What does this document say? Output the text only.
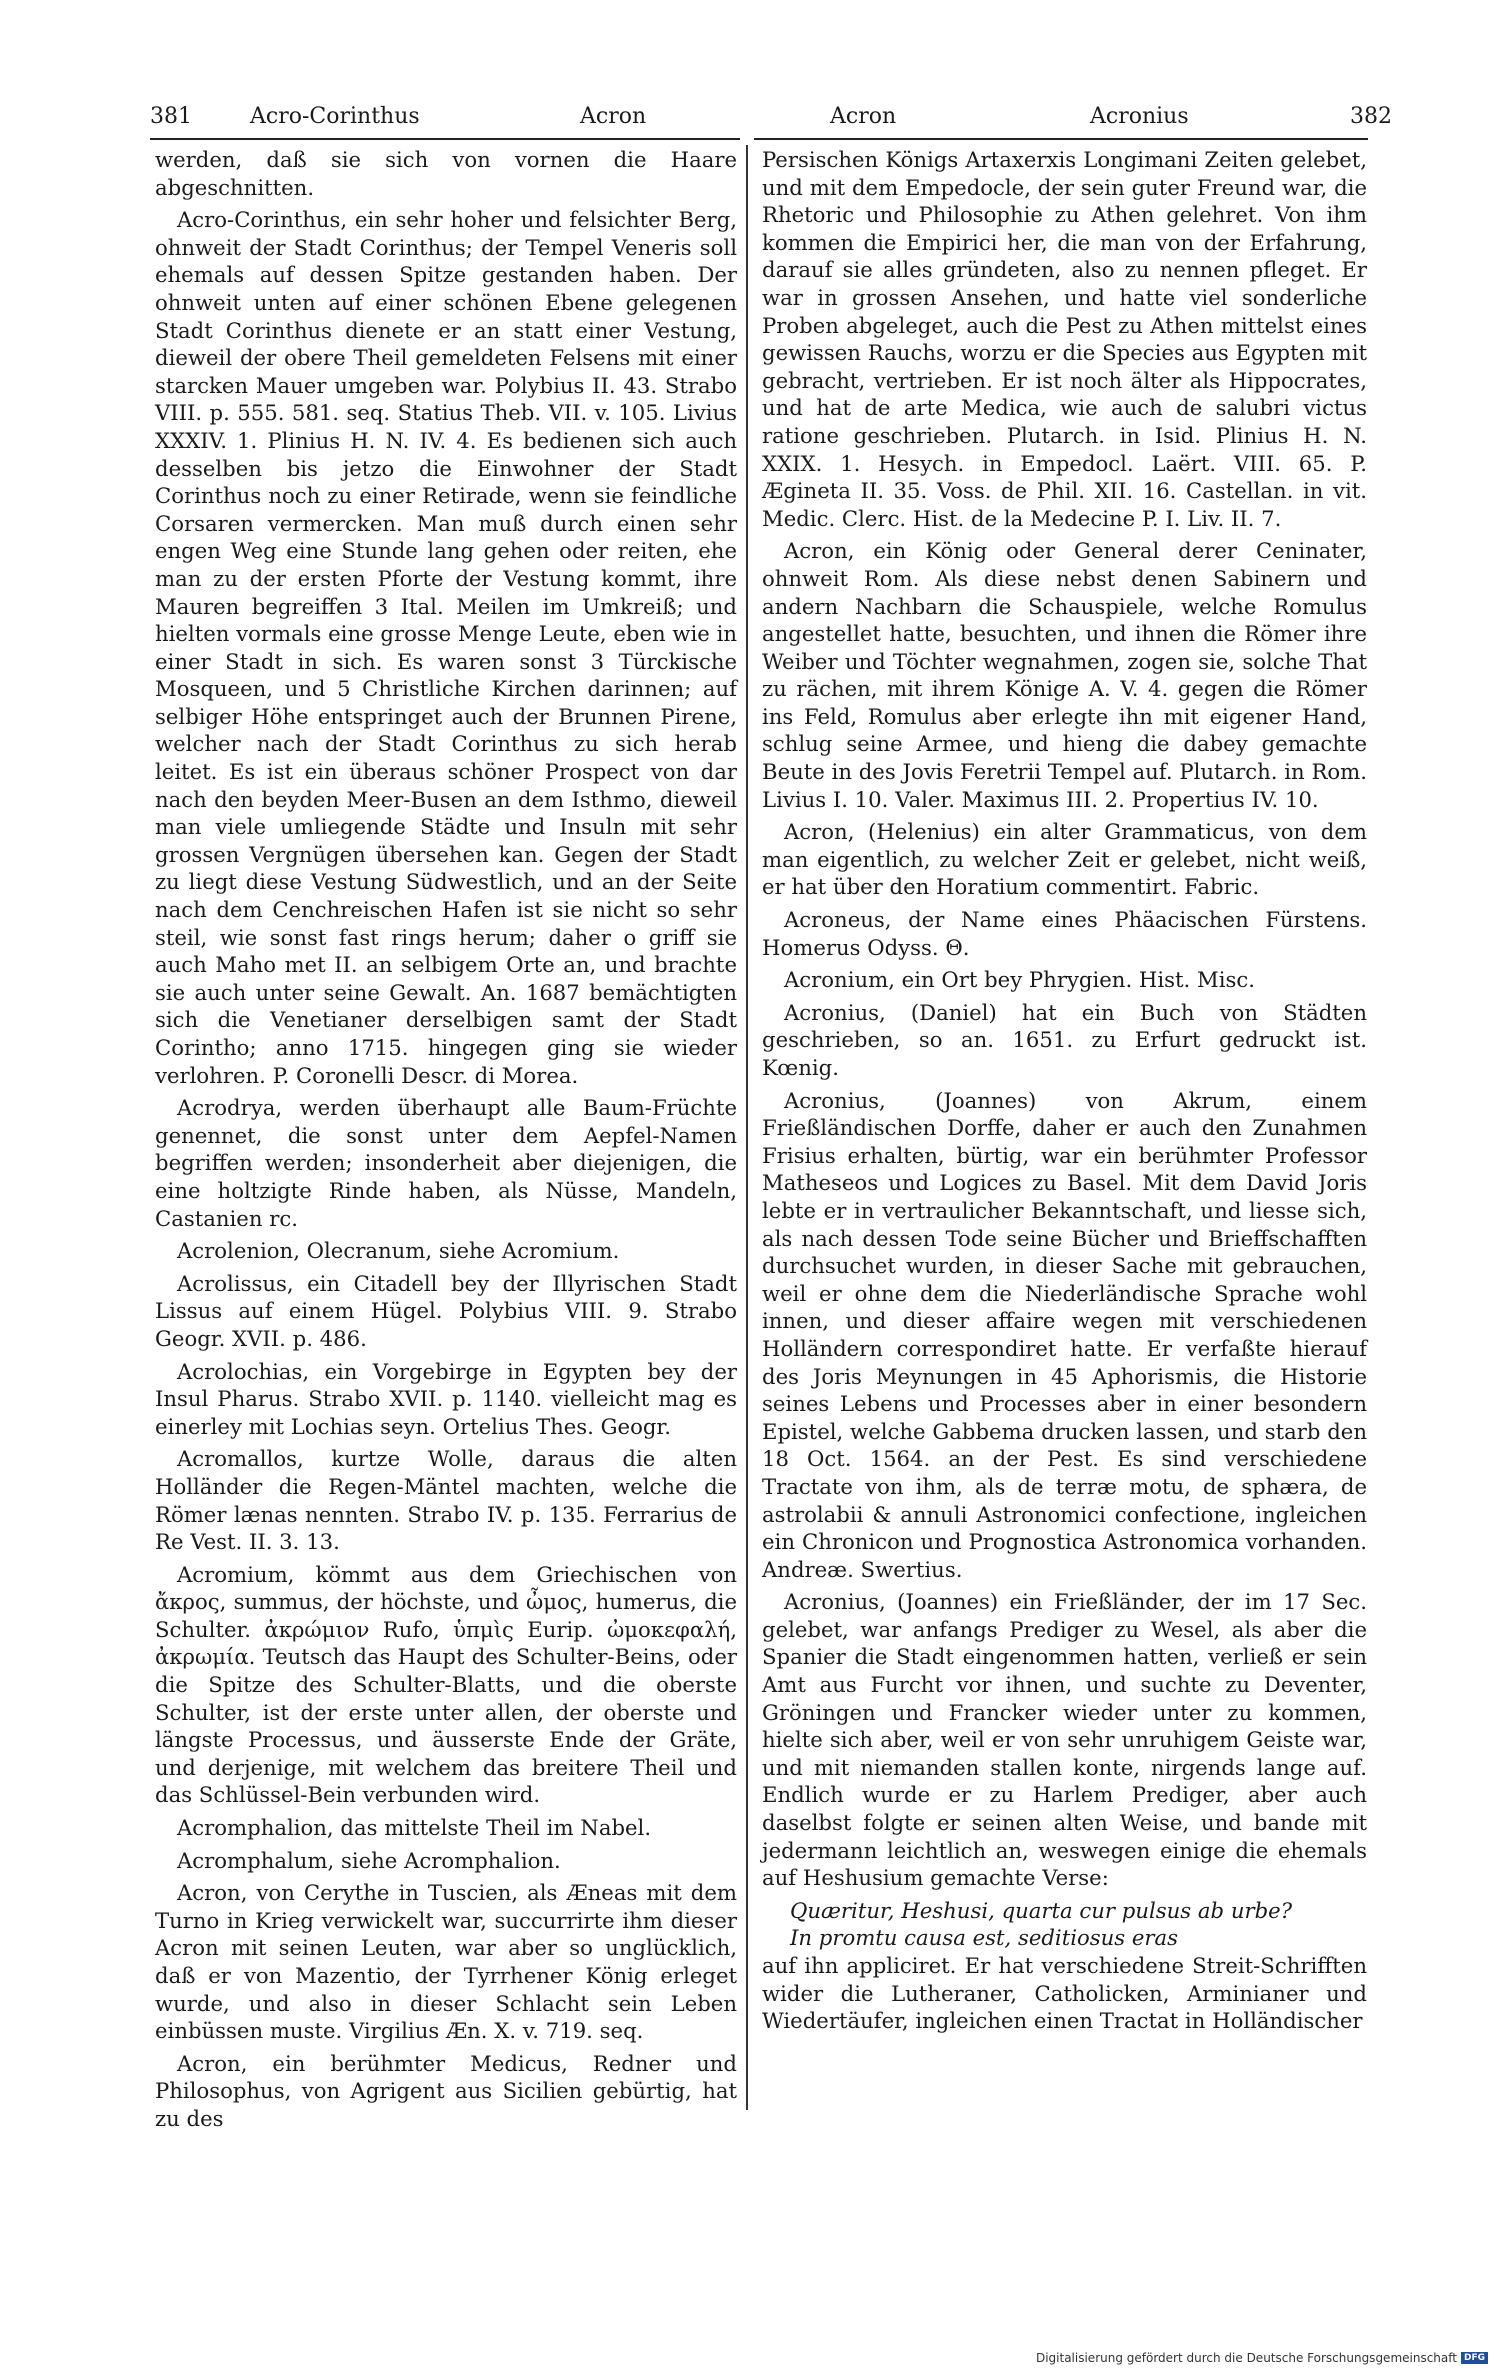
381	Acro-Corinthus	Acron	Acron	Acronius	382

werden, daß sie sich von vornen die Haare abgeschnitten.

Acro-Corinthus, ein sehr hoher und felsichter Berg, ohnweit der Stadt Corinthus; der Tempel Veneris soll ehemals auf dessen Spitze gestanden haben. Der ohnweit unten auf einer schönen Ebene gelegenen Stadt Corinthus dienete er an statt einer Vestung, dieweil der obere Theil gemeldeten Felsens mit einer starcken Mauer umgeben war. Polybius II. 43. Strabo VIII. p. 555. 581. seq. Statius Theb. VII. v. 105. Livius XXXIV. 1. Plinius H. N. IV. 4. Es bedienen sich auch desselben bis jetzo die Einwohner der Stadt Corinthus noch zu einer Retirade, wenn sie feindliche Corsaren vermercken. Man muß durch einen sehr engen Weg eine Stunde lang gehen oder reiten, ehe man zu der ersten Pforte der Vestung kommt, ihre Mauren begreiffen 3 Ital. Meilen im Umkreiß; und hielten vormals eine grosse Menge Leute, eben wie in einer Stadt in sich. Es waren sonst 3 Türckische Mosqueen, und 5 Christliche Kirchen darinnen; auf selbiger Höhe entspringet auch der Brunnen Pirene, welcher nach der Stadt Corinthus zu sich herab leitet. Es ist ein überaus schöner Prospect von dar nach den beyden Meer-Busen an dem Isthmo, dieweil man viele umliegende Städte und Insuln mit sehr grossen Vergnügen übersehen kan. Gegen der Stadt zu liegt diese Vestung Südwestlich, und an der Seite nach dem Cenchreischen Hafen ist sie nicht so sehr steil, wie sonst fast rings herum; daher o griff sie auch Maho met II. an selbigem Orte an, und brachte sie auch unter seine Gewalt. An. 1687 bemächtigten sich die Venetianer derselbigen samt der Stadt Corintho; anno 1715. hingegen ging sie wieder verlohren. P. Coronelli Descr. di Morea.

Acrodrya, werden überhaupt alle Baum-Früchte genennet, die sonst unter dem Aepfel-Namen begriffen werden; insonderheit aber diejenigen, die eine holtzigte Rinde haben, als Nüsse, Mandeln, Castanien rc.

Acrolenion, Olecranum, siehe Acromium.

Acrolissus, ein Citadell bey der Illyrischen Stadt Lissus auf einem Hügel. Polybius VIII. 9. Strabo Geogr. XVII. p. 486.

Acrolochias, ein Vorgebirge in Egypten bey der Insul Pharus. Strabo XVII. p. 1140. vielleicht mag es einerley mit Lochias seyn. Ortelius Thes. Geogr.

Acromallos, kurtze Wolle, daraus die alten Holländer die Regen-Mäntel machten, welche die Römer lænas nennten. Strabo IV. p. 135. Ferrarius de Re Vest. II. 3. 13.

Acromium, kömmt aus dem Griechischen von ἄκρος, summus, der höchste, und ὦμος, humerus, die Schulter. ἀκρώμιον Rufo, ὑπμὶς Eurip. ὠμοκεφαλή, ἀκρωμία. Teutsch das Haupt des Schulter-Beins, oder die Spitze des Schulter-Blatts, und die oberste Schulter, ist der erste unter allen, der oberste und längste Processus, und äusserste Ende der Gräte, und derjenige, mit welchem das breitere Theil und das Schlüssel-Bein verbunden wird.

Acromphalion, das mittelste Theil im Nabel.

Acromphalum, siehe Acromphalion.

Acron, von Cerythe in Tuscien, als Æneas mit dem Turno in Krieg verwickelt war, succurrirte ihm dieser Acron mit seinen Leuten, war aber so unglücklich, daß er von Mazentio, der Tyrrhener König erleget wurde, und also in dieser Schlacht sein Leben einbüssen muste. Virgilius Æn. X. v. 719. seq.

Acron, ein berühmter Medicus, Redner und Philosophus, von Agrigent aus Sicilien gebürtig, hat zu des

Persischen Königs Artaxerxis Longimani Zeiten gelebet, und mit dem Empedocle, der sein guter Freund war, die Rhetoric und Philosophie zu Athen gelehret. Von ihm kommen die Empirici her, die man von der Erfahrung, darauf sie alles gründeten, also zu nennen pfleget. Er war in grossen Ansehen, und hatte viel sonderliche Proben abgeleget, auch die Pest zu Athen mittelst eines gewissen Rauchs, worzu er die Species aus Egypten mit gebracht, vertrieben. Er ist noch älter als Hippocrates, und hat de arte Medica, wie auch de salubri victus ratione geschrieben. Plutarch. in Isid. Plinius H. N. XXIX. 1. Hesych. in Empedocl. Laërt. VIII. 65. P. Ægineta II. 35. Voss. de Phil. XII. 16. Castellan. in vit. Medic. Clerc. Hist. de la Medecine P. I. Liv. II. 7.

Acron, ein König oder General derer Ceninater, ohnweit Rom. Als diese nebst denen Sabinern und andern Nachbarn die Schauspiele, welche Romulus angestellet hatte, besuchten, und ihnen die Römer ihre Weiber und Töchter wegnahmen, zogen sie, solche That zu rächen, mit ihrem Könige A. V. 4. gegen die Römer ins Feld, Romulus aber erlegte ihn mit eigener Hand, schlug seine Armee, und hieng die dabey gemachte Beute in des Jovis Feretrii Tempel auf. Plutarch. in Rom. Livius I. 10. Valer. Maximus III. 2. Propertius IV. 10.

Acron, (Helenius) ein alter Grammaticus, von dem man eigentlich, zu welcher Zeit er gelebet, nicht weiß, er hat über den Horatium commentirt. Fabric.

Acroneus, der Name eines Phäacischen Fürstens. Homerus Odyss. Θ.

Acronium, ein Ort bey Phrygien. Hist. Misc.

Acronius, (Daniel) hat ein Buch von Städten geschrieben, so an. 1651. zu Erfurt gedruckt ist. Kœnig.

Acronius, (Joannes) von Akrum, einem Frießländischen Dorffe, daher er auch den Zunahmen Frisius erhalten, bürtig, war ein berühmter Professor Matheseos und Logices zu Basel. Mit dem David Joris lebte er in vertraulicher Bekanntschaft, und liesse sich, als nach dessen Tode seine Bücher und Brieffschafften durchsuchet wurden, in dieser Sache mit gebrauchen, weil er ohne dem die Niederländische Sprache wohl innen, und dieser affaire wegen mit verschiedenen Holländern correspondiret hatte. Er verfaßte hierauf des Joris Meynungen in 45 Aphorismis, die Historie seines Lebens und Processes aber in einer besondern Epistel, welche Gabbema drucken lassen, und starb den 18 Oct. 1564. an der Pest. Es sind verschiedene Tractate von ihm, als de terræ motu, de sphæra, de astrolabii & annuli Astronomici confectione, ingleichen ein Chronicon und Prognostica Astronomica vorhanden. Andreæ. Swertius.

Acronius, (Joannes) ein Frießländer, der im 17 Sec. gelebet, war anfangs Prediger zu Wesel, als aber die Spanier die Stadt eingenommen hatten, verließ er sein Amt aus Furcht vor ihnen, und suchte zu Deventer, Gröningen und Francker wieder unter zu kommen, hielte sich aber, weil er von sehr unruhigem Geiste war, und mit niemanden stallen konte, nirgends lange auf. Endlich wurde er zu Harlem Prediger, aber auch daselbst folgte er seinen alten Weise, und bande mit jedermann leichtlich an, weswegen einige die ehemals auf Heshusium gemachte Verse:

Quæritur, Heshusi, quarta cur pulsus ab urbe?

In promtu causa est, seditiosus eras

auf ihn appliciret. Er hat verschiedene Streit-Schrifften wider die Lutheraner, Catholicken, Arminianer und Wiedertäufer, ingleichen einen Tractat in Holländischer

Digitalisierung gefördert durch die Deutsche Forschungsgemeinschaft DFG
